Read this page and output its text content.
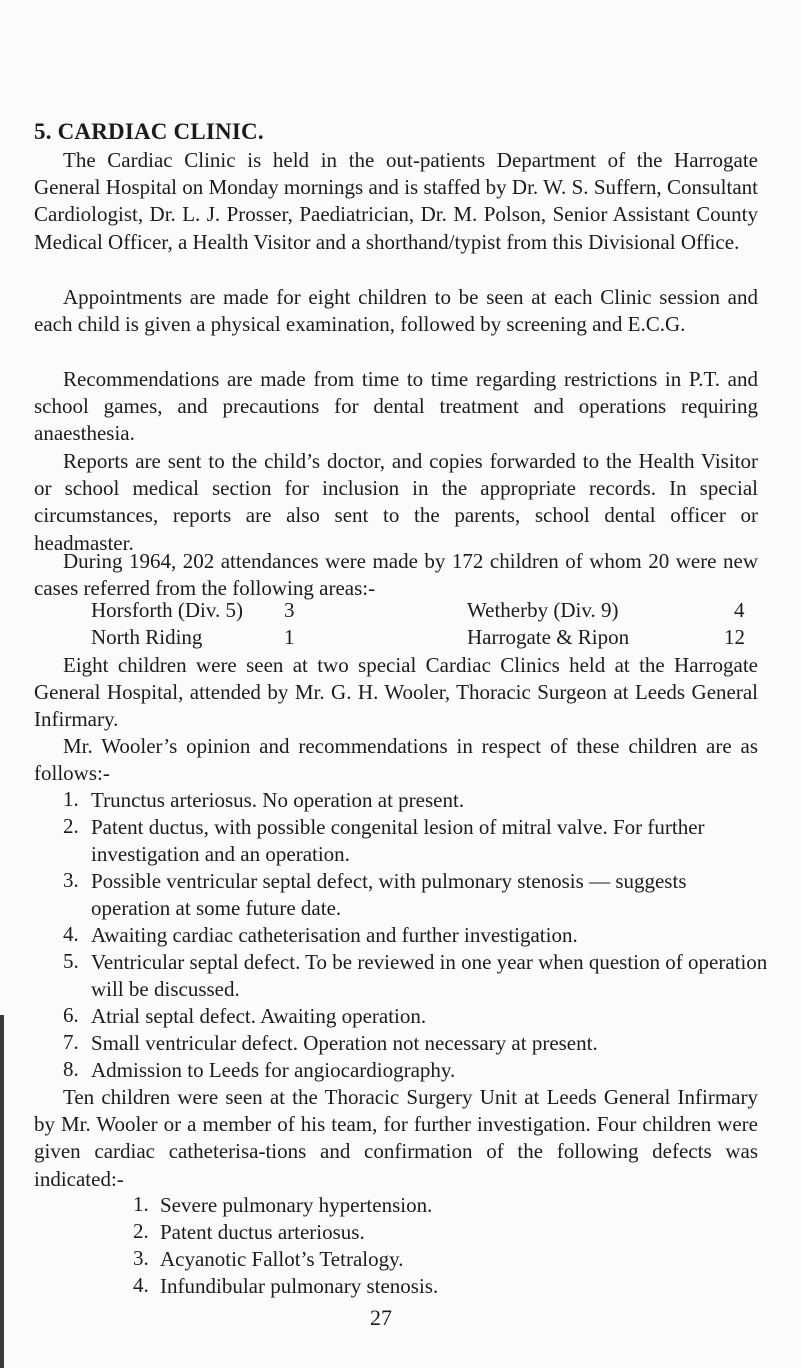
5. CARDIAC CLINIC.
The Cardiac Clinic is held in the out-patients Department of the Harrogate General Hospital on Monday mornings and is staffed by Dr. W. S. Suffern, Consultant Cardiologist, Dr. L. J. Prosser, Paediatrician, Dr. M. Polson, Senior Assistant County Medical Officer, a Health Visitor and a shorthand/typist from this Divisional Office.
Appointments are made for eight children to be seen at each Clinic session and each child is given a physical examination, followed by screening and E.C.G.
Recommendations are made from time to time regarding restrictions in P.T. and school games, and precautions for dental treatment and operations requiring anaesthesia.
Reports are sent to the child’s doctor, and copies forwarded to the Health Visitor or school medical section for inclusion in the appropriate records. In special circumstances, reports are also sent to the parents, school dental officer or headmaster.
During 1964, 202 attendances were made by 172 children of whom 20 were new cases referred from the following areas:-
Horsforth (Div. 5) 3	Wetherby (Div. 9)	4
North Riding	1	Harrogate & Ripon	12
Eight children were seen at two special Cardiac Clinics held at the Harrogate General Hospital, attended by Mr. G. H. Wooler, Thoracic Surgeon at Leeds General Infirmary.
Mr. Wooler’s opinion and recommendations in respect of these children are as follows:-
1. Trunctus arteriosus. No operation at present.
2. Patent ductus, with possible congenital lesion of mitral valve. For further investigation and an operation.
3. Possible ventricular septal defect, with pulmonary stenosis — suggests operation at some future date.
4. Awaiting cardiac catheterisation and further investigation.
5. Ventricular septal defect. To be reviewed in one year when question of operation will be discussed.
6. Atrial septal defect. Awaiting operation.
7. Small ventricular defect. Operation not necessary at present.
8. Admission to Leeds for angiocardiography.
Ten children were seen at the Thoracic Surgery Unit at Leeds General Infirmary by Mr. Wooler or a member of his team, for further investigation. Four children were given cardiac catheterisa-tions and confirmation of the following defects was indicated:-
1. Severe pulmonary hypertension.
2. Patent ductus arteriosus.
3. Acyanotic Fallot’s Tetralogy.
4. Infundibular pulmonary stenosis.
27
